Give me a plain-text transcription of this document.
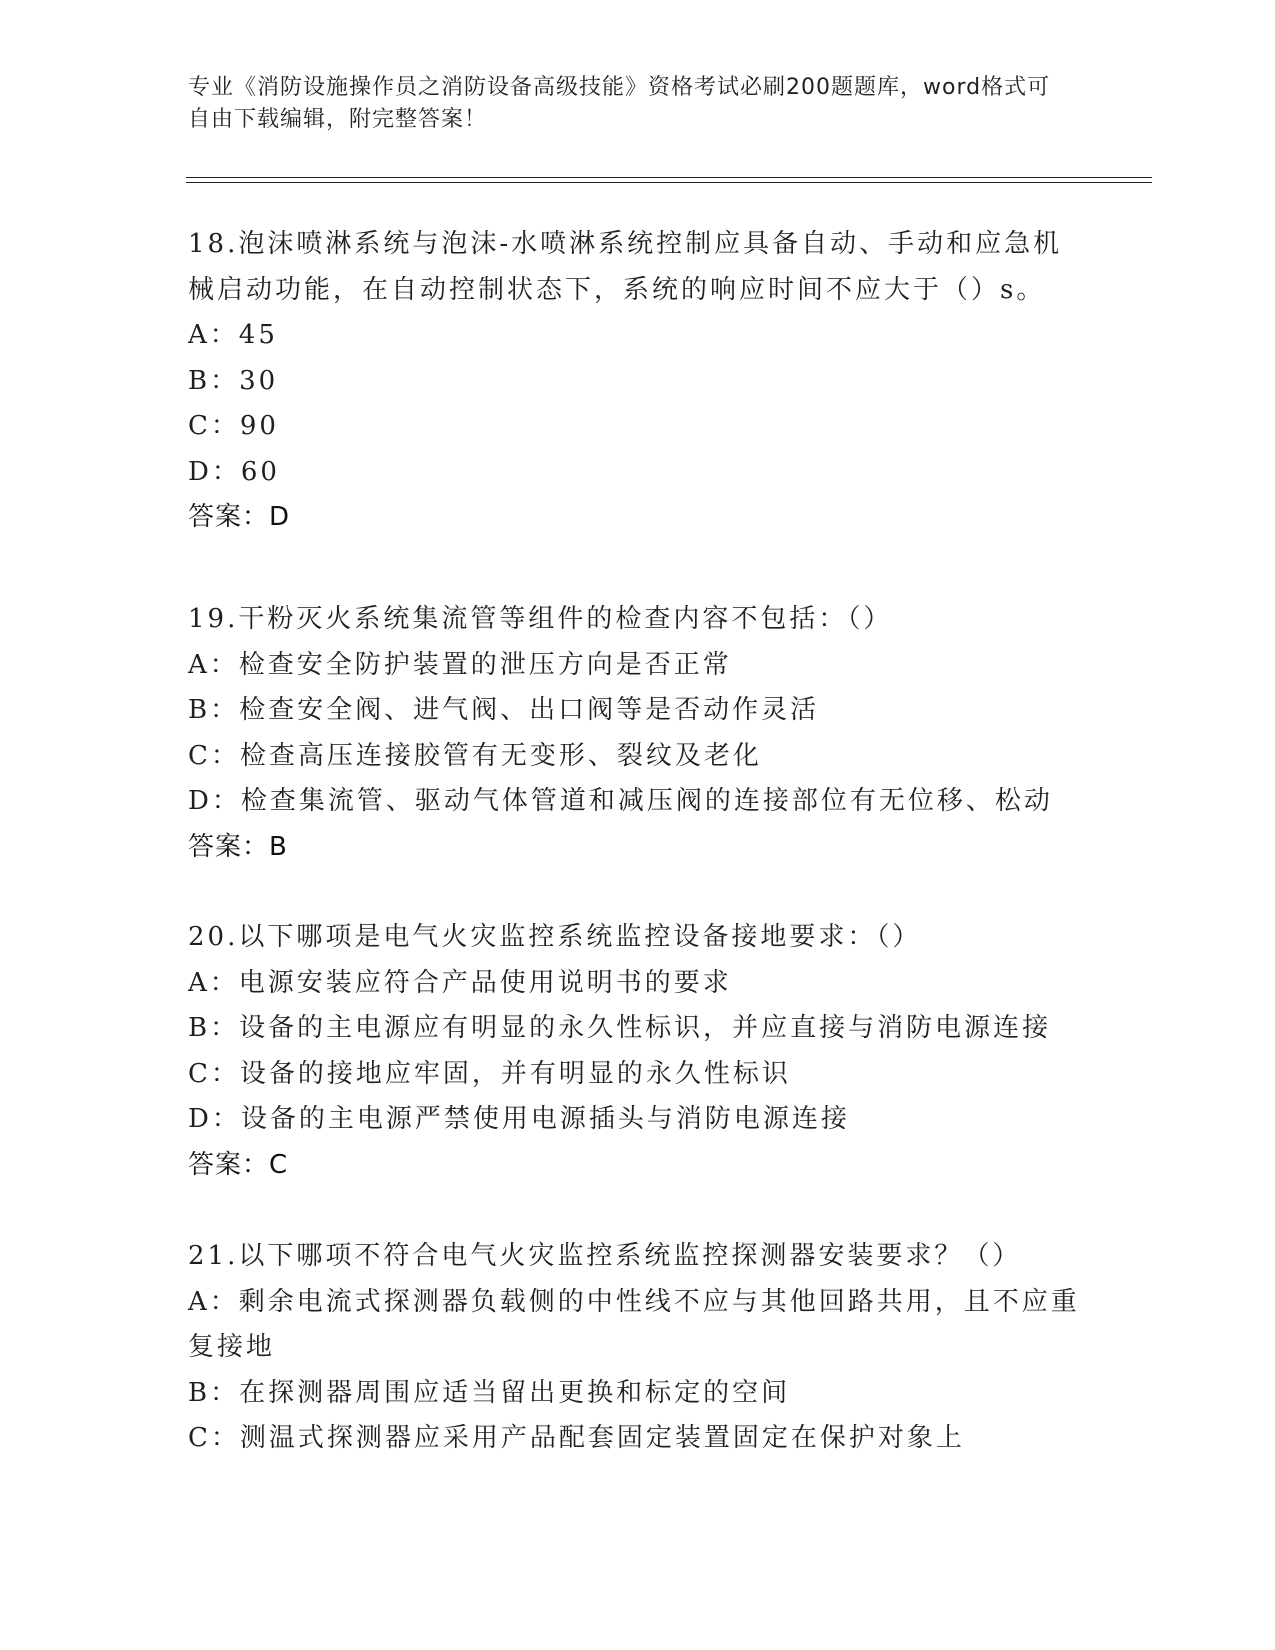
专业《消防设施操作员之消防设备高级技能》资格考试必刷200题题库，word格式可自由下载编辑，附完整答案！
18.泡沫喷淋系统与泡沫-水喷淋系统控制应具备自动、手动和应急机
械启动功能，在自动控制状态下，系统的响应时间不应大于（）s。
A：45
B：30
C：90
D：60
答案：D
19.干粉灭火系统集流管等组件的检查内容不包括：（）
A：检查安全防护装置的泄压方向是否正常
B：检查安全阀、进气阀、出口阀等是否动作灵活
C：检查高压连接胶管有无变形、裂纹及老化
D：检查集流管、驱动气体管道和减压阀的连接部位有无位移、松动
答案：B
20.以下哪项是电气火灾监控系统监控设备接地要求：（）
A：电源安装应符合产品使用说明书的要求
B：设备的主电源应有明显的永久性标识，并应直接与消防电源连接
C：设备的接地应牢固，并有明显的永久性标识
D：设备的主电源严禁使用电源插头与消防电源连接
答案：C
21.以下哪项不符合电气火灾监控系统监控探测器安装要求？（）
A：剩余电流式探测器负载侧的中性线不应与其他回路共用，且不应重
复接地
B：在探测器周围应适当留出更换和标定的空间
C：测温式探测器应采用产品配套固定装置固定在保护对象上
